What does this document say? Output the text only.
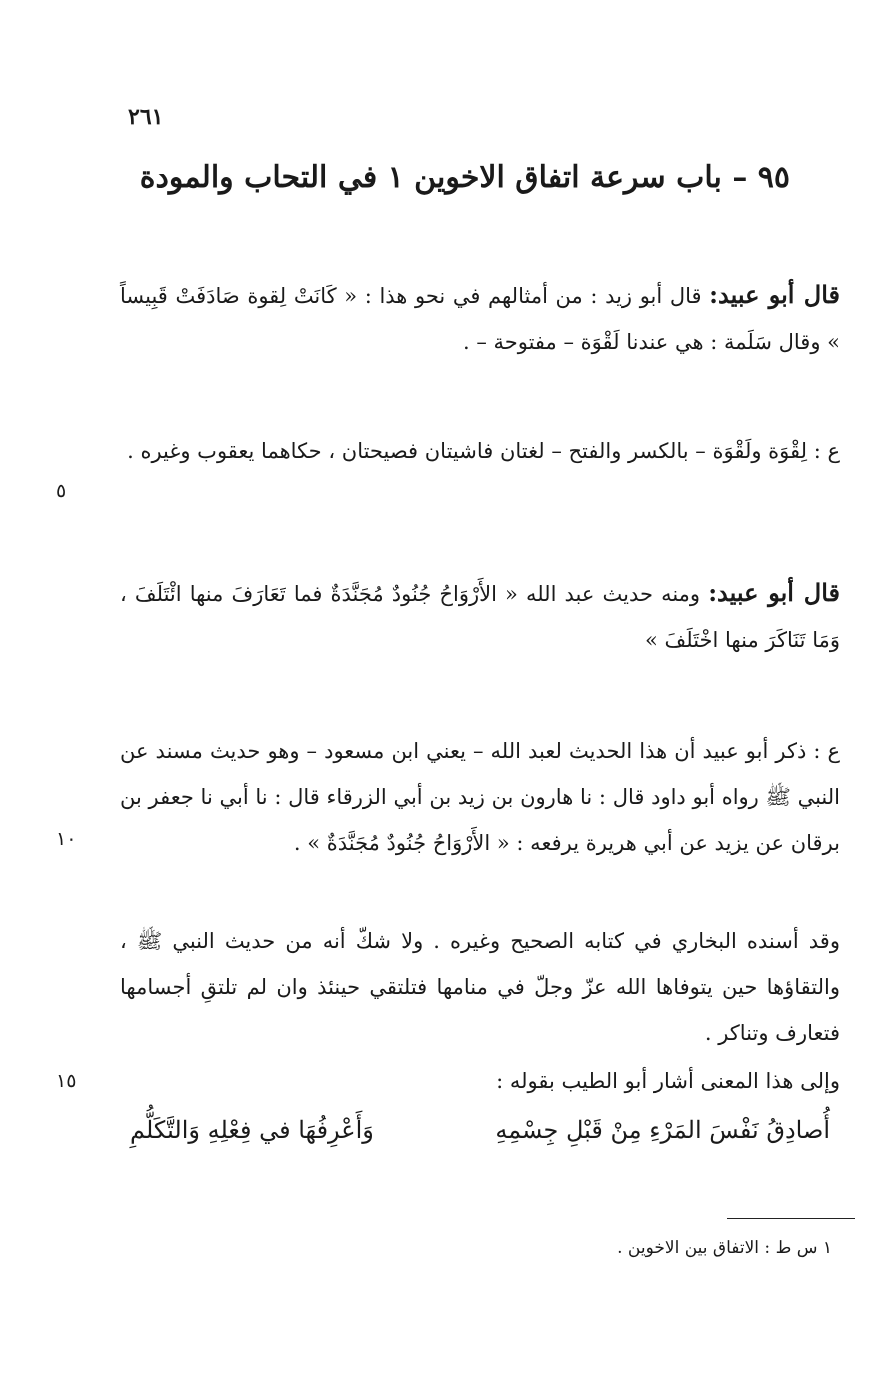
٢٦١
٩٥ – باب سرعة اتفاق الاخوين ١ في التحاب والمودة
قال أبو عبيد: قال أبو زيد : من أمثالهم في نحو هذا : « كَانَتْ لِقوة صَادَفَتْ قَبِيساً » وقال سَلَمة : هي عندنا لَقْوَة – مفتوحة – .
ع : لِقْوَة ولَقْوَة – بالكسر والفتح – لغتان فاشيتان فصيحتان ، حكاهما يعقوب وغيره .
قال أبو عبيد: ومنه حديث عبد الله « الأَرْوَاحُ جُنُودٌ مُجَنَّدَةٌ فما تَعَارَفَ منها ائْتَلَفَ ، وَمَا تَنَاكَرَ منها اخْتَلَفَ »
ع : ذكر أبو عبيد أن هذا الحديث لعبد الله – يعني ابن مسعود – وهو حديث مسند عن النبي ﷺ رواه أبو داود قال : نا هارون بن زيد بن أبي الزرقاء قال : نا أبي نا جعفر بن برقان عن يزيد عن أبي هريرة يرفعه : « الأَرْوَاحُ جُنُودٌ مُجَنَّدَةٌ » .
وقد أسنده البخاري في كتابه الصحيح وغيره . ولا شكّ أنه من حديث النبي ﷺ ، والتقاؤها حين يتوفاها الله عزّ وجلّ في منامها فتلتقي حينئذ وان لم تلتقِ أجسامها فتعارف وتناكر .
وإلى هذا المعنى أشار أبو الطيب بقوله :
أُصادِقُ نَفْسَ المَرْءِ مِنْ قَبْلِ جِسْمِهِ
وَأَعْرِفُهَا في فِعْلِهِ وَالتَّكَلُّمِ
٥
١٠
١٥
١ س ط : الاتفاق بين الاخوين .
